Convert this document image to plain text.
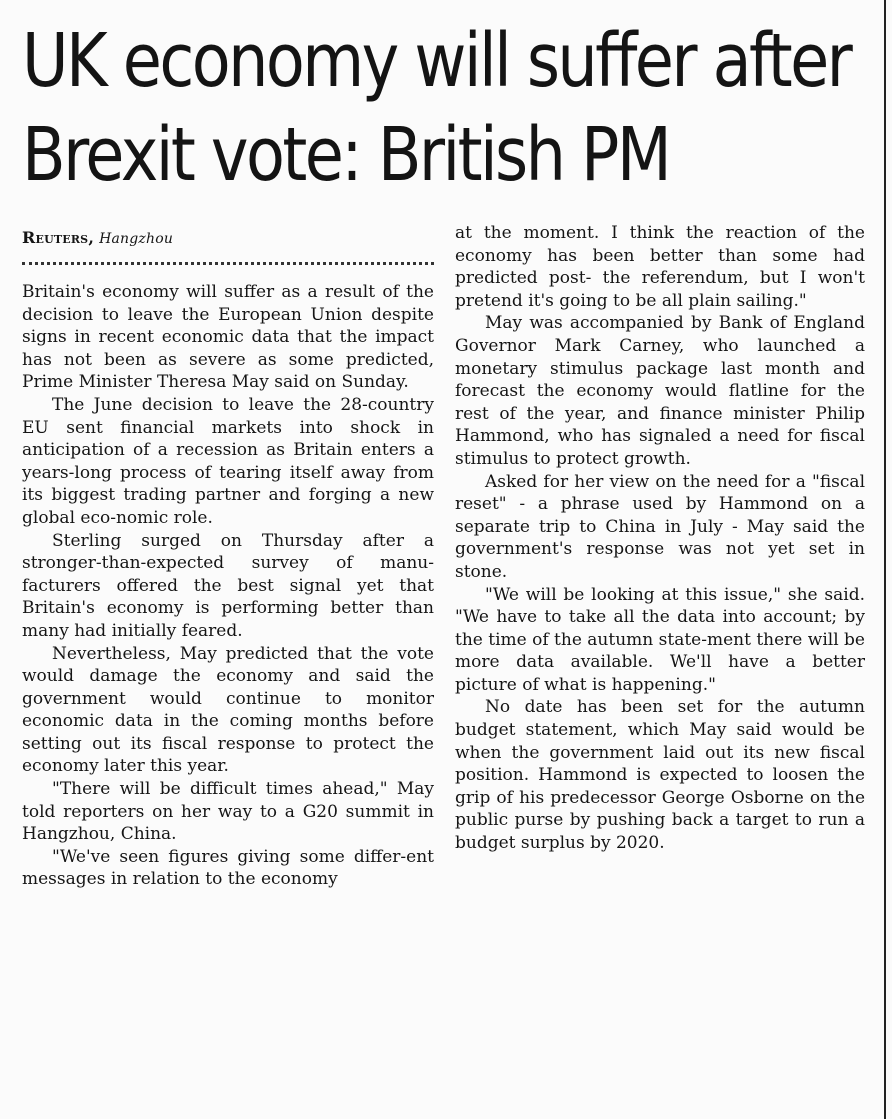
UK economy will suffer after
Brexit vote: British PM
Reuters, Hangzhou

Britain's economy will suffer as a result of the decision to leave the European Union despite signs in recent economic data that the impact has not been as severe as some predicted, Prime Minister Theresa May said on Sunday.

The June decision to leave the 28-country EU sent financial markets into shock in anticipation of a recession as Britain enters a years-long process of tearing itself away from its biggest trading partner and forging a new global eco-nomic role.

Sterling surged on Thursday after a stronger-than-expected survey of manu-facturers offered the best signal yet that Britain's economy is performing better than many had initially feared.

Nevertheless, May predicted that the vote would damage the economy and said the government would continue to monitor economic data in the coming months before setting out its fiscal response to protect the economy later this year.

"There will be difficult times ahead," May told reporters on her way to a G20 summit in Hangzhou, China.

"We've seen figures giving some differ-ent messages in relation to the economy

at the moment. I think the reaction of the economy has been better than some had predicted post- the referendum, but I won't pretend it's going to be all plain sailing."

May was accompanied by Bank of England Governor Mark Carney, who launched a monetary stimulus package last month and forecast the economy would flatline for the rest of the year, and finance minister Philip Hammond, who has signaled a need for fiscal stimulus to protect growth.

Asked for her view on the need for a "fiscal reset" - a phrase used by Hammond on a separate trip to China in July - May said the government's response was not yet set in stone.

"We will be looking at this issue," she said. "We have to take all the data into account; by the time of the autumn state-ment there will be more data available. We'll have a better picture of what is happening."

No date has been set for the autumn budget statement, which May said would be when the government laid out its new fiscal position. Hammond is expected to loosen the grip of his predecessor George Osborne on the public purse by pushing back a target to run a budget surplus by 2020.
